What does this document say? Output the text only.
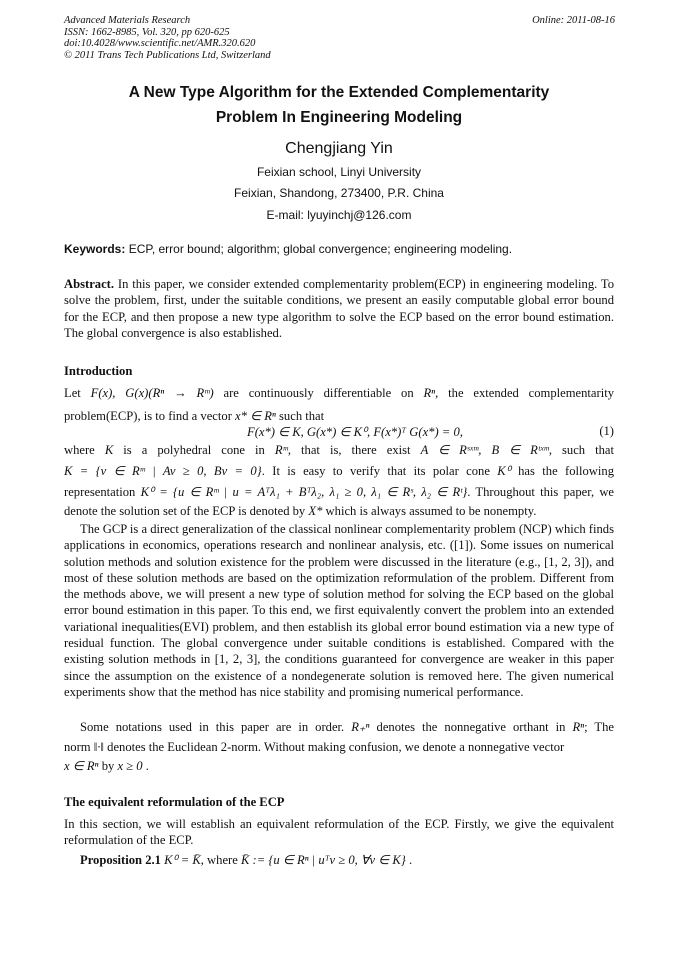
Advanced Materials Research
ISSN: 1662-8985, Vol. 320, pp 620-625
doi:10.4028/www.scientific.net/AMR.320.620
© 2011 Trans Tech Publications Ltd, Switzerland
Online: 2011-08-16
A New Type Algorithm for the Extended Complementarity
Problem In Engineering Modeling
Chengjiang Yin
Feixian school, Linyi University
Feixian, Shandong, 273400, P.R. China
E-mail: lyuyinchj@126.com
Keywords: ECP, error bound; algorithm; global convergence; engineering modeling.
Abstract. In this paper, we consider extended complementarity problem(ECP) in engineering modeling. To solve the problem, first, under the suitable conditions, we present an easily computable global error bound for the ECP, and then propose a new type algorithm to solve the ECP based on the error bound estimation. The global convergence is also established.
Introduction
Let F(x), G(x)(Rⁿ → Rᵐ) are continuously differentiable on Rⁿ, the extended complementarity
problem(ECP), is to find a vector x* ∈ Rⁿ such that
F(x*) ∈ K, G(x*) ∈ K⁰, F(x*)ᵀ G(x*) = 0,	(1)
where K is a polyhedral cone in Rᵐ, that is, there exist A ∈ Rˢˣᵐ, B ∈ Rᵗˣᵐ, such that
K = {v ∈ Rᵐ | Av ≥ 0, Bv = 0}. It is easy to verify that its polar cone K⁰ has the following
representation K⁰ = {u ∈ Rᵐ | u = Aᵀλ₁ + Bᵀλ₂, λ₁ ≥ 0, λ₁ ∈ Rˢ, λ₂ ∈ Rᵗ}. Throughout this paper, we
denote the solution set of the ECP is denoted by X* which is always assumed to be nonempty.
The GCP is a direct generalization of the classical nonlinear complementarity problem (NCP) which finds applications in economics, operations research and nonlinear analysis, etc. ([1]). Some issues on numerical solution methods and solution existence for the problem were discussed in the literature (e.g., [1, 2, 3]), and most of these solution methods are based on the optimization reformulation of the problem. Different from the methods above, we will present a new type of solution method for solving the ECP based on the global error bound estimation in this paper. To this end, we first equivalently convert the problem into an extended variational inequalities(EVI) problem, and then establish its global error bound estimation via a new type of residual function. The global convergence under suitable conditions is established. Compared with the existing solution methods in [1, 2, 3], the conditions guaranteed for convergence are weaker in this paper since the assumption on the existence of a nondegenerate solution is removed here. The given numerical experiments show that the method has nice stability and promising numerical performance.
Some notations used in this paper are in order. R₊ⁿ denotes the nonnegative orthant in Rⁿ; The
norm ‖·‖ denotes the Euclidean 2-norm. Without making confusion, we denote a nonnegative vector
x ∈ Rⁿ by x ≥ 0 .
The equivalent reformulation of the ECP
In this section, we will establish an equivalent reformulation of the ECP. Firstly, we give the equivalent reformulation of the ECP.
Proposition 2.1 K⁰ = K̄, where K̄ := {u ∈ Rⁿ | uᵀv ≥ 0, ∀v ∈ K} .
